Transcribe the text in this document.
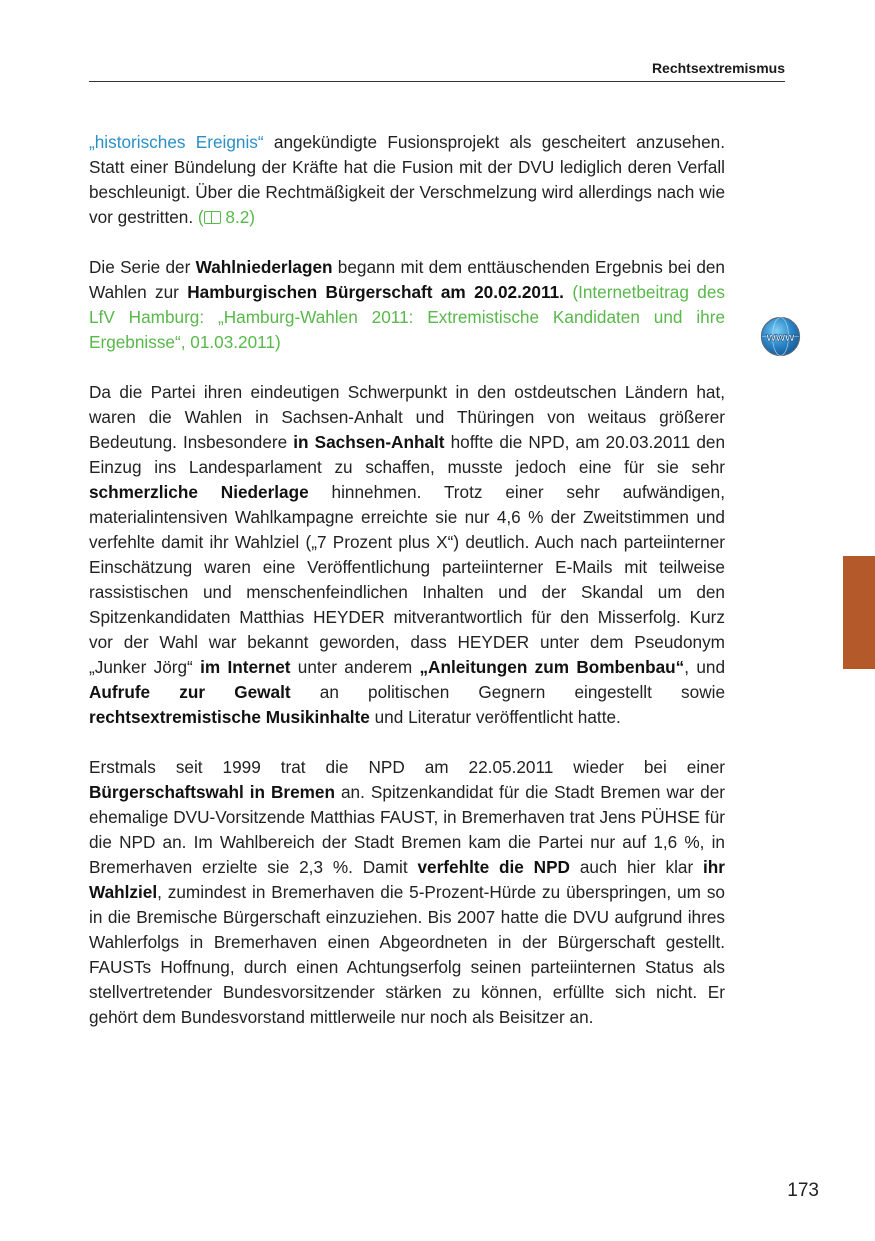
Rechtsextremismus

„historisches Ereignis“ angekündigte Fusionsprojekt als gescheitert anzusehen. Statt einer Bündelung der Kräfte hat die Fusion mit der DVU lediglich deren Verfall beschleunigt. Über die Rechtmäßigkeit der Verschmelzung wird allerdings nach wie vor gestritten. ( 8.2)

Die Serie der Wahlniederlagen begann mit dem enttäuschenden Ergebnis bei den Wahlen zur Hamburgischen Bürgerschaft am 20.02.2011. (Internetbeitrag des LfV Hamburg: „Hamburg-Wahlen 2011: Extremistische Kandidaten und ihre Ergebnisse“, 01.03.2011)

Da die Partei ihren eindeutigen Schwerpunkt in den ostdeutschen Ländern hat, waren die Wahlen in Sachsen-Anhalt und Thüringen von weitaus größerer Bedeutung. Insbesondere in Sachsen-Anhalt hoffte die NPD, am 20.03.2011 den Einzug ins Landesparlament zu schaffen, musste jedoch eine für sie sehr schmerzliche Niederlage hinnehmen. Trotz einer sehr aufwändigen, materialintensiven Wahlkampagne erreichte sie nur 4,6 % der Zweitstimmen und verfehlte damit ihr Wahlziel („7 Prozent plus X“) deutlich. Auch nach parteiinterner Einschätzung waren eine Veröffentlichung parteiinterner E-Mails mit teilweise rassistischen und menschenfeindlichen Inhalten und der Skandal um den Spitzenkandidaten Matthias HEYDER mitverantwortlich für den Misserfolg. Kurz vor der Wahl war bekannt geworden, dass HEYDER unter dem Pseudonym „Junker Jörg“ im Internet unter anderem „Anleitungen zum Bombenbau“, und Aufrufe zur Gewalt an politischen Gegnern eingestellt sowie rechtsextremistische Musikinhalte und Literatur veröffentlicht hatte.

Erstmals seit 1999 trat die NPD am 22.05.2011 wieder bei einer Bürgerschaftswahl in Bremen an. Spitzenkandidat für die Stadt Bremen war der ehemalige DVU-Vorsitzende Matthias FAUST, in Bremerhaven trat Jens PÜHSE für die NPD an. Im Wahlbereich der Stadt Bremen kam die Partei nur auf 1,6 %, in Bremerhaven erzielte sie 2,3 %. Damit verfehlte die NPD auch hier klar ihr Wahlziel, zumindest in Bremerhaven die 5-Prozent-Hürde zu überspringen, um so in die Bremische Bürgerschaft einzuziehen. Bis 2007 hatte die DVU aufgrund ihres Wahlerfolgs in Bremerhaven einen Abgeordneten in der Bürgerschaft gestellt. FAUSTs Hoffnung, durch einen Achtungserfolg seinen parteiinternen Status als stellvertretender Bundesvorsitzender stärken zu können, erfüllte sich nicht. Er gehört dem Bundesvorstand mittlerweile nur noch als Beisitzer an.

www
173
